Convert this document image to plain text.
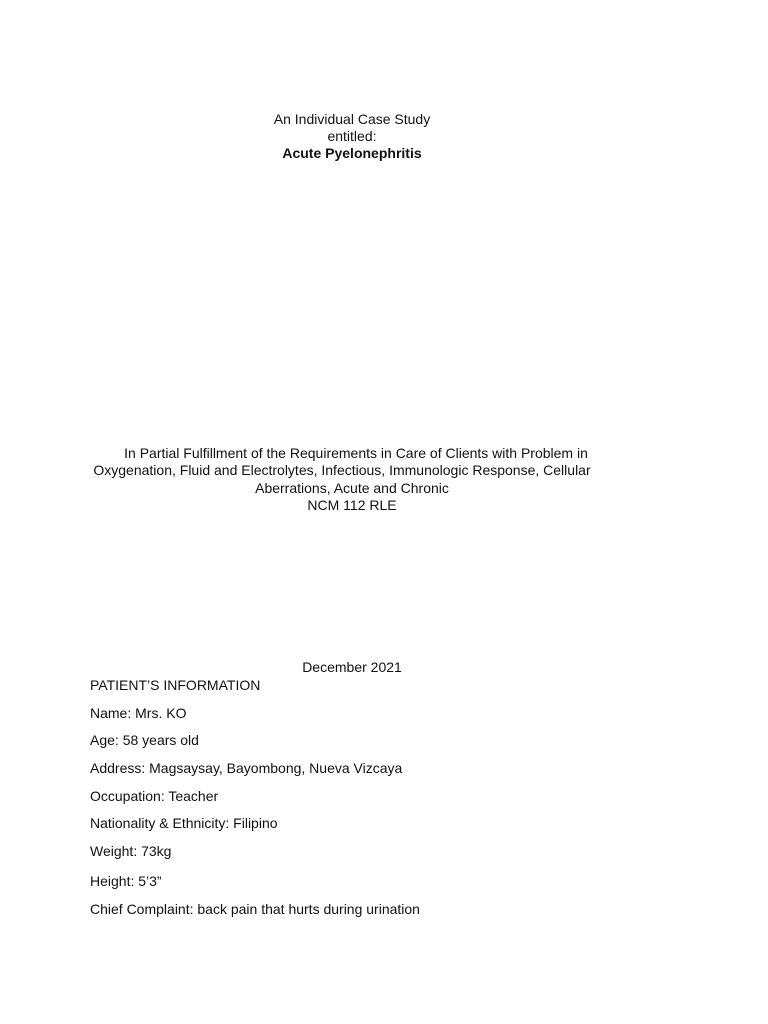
An Individual Case Study
entitled:
Acute Pyelonephritis
In Partial Fulfillment of the Requirements in Care of Clients with Problem in
Oxygenation, Fluid and Electrolytes, Infectious, Immunologic Response, Cellular
Aberrations, Acute and Chronic
NCM 112 RLE
December 2021
PATIENT’S INFORMATION
Name: Mrs. KO
Age: 58 years old
Address: Magsaysay, Bayombong, Nueva Vizcaya
Occupation: Teacher
Nationality & Ethnicity: Filipino
Weight: 73kg
Height: 5’3”
Chief Complaint: back pain that hurts during urination
